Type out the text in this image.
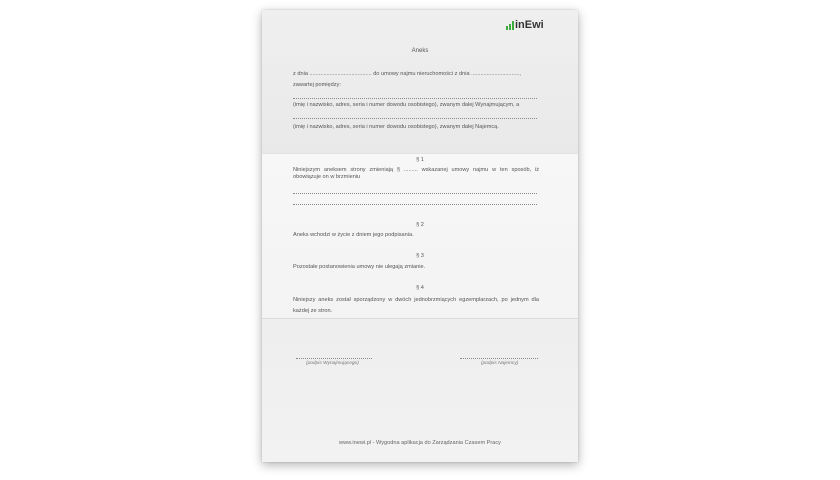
inEwi
Aneks
z dnia ........................................ do umowy najmu nieruchomości z dnia ...............................,
zawartej pomiędzy:
(imię i nazwisko, adres, seria i numer dowodu osobistego), zwanym dalej Wynajmującym, a
(imię i nazwisko, adres, seria i numer dowodu osobistego), zwanym dalej Najemcą.
§ 1
Niniejszym aneksem strony zmieniają § ......... wskazanej umowy najmu w ten sposób, iż obowiązuje on w brzmieniu
§ 2
Aneks wchodzi w życie z dniem jego podpisania.
§ 3
Pozostałe postanowienia umowy nie ulegają zmianie.
§ 4
Niniejszy aneks został sporządzony w dwóch jednobrzmiących egzemplarzach, po jednym dla każdej ze stron.
(podpis Wynajmującego)	(podpis Najemcy)
www.inewi.pl - Wygodna aplikacja do Zarządzania Czasem Pracy
